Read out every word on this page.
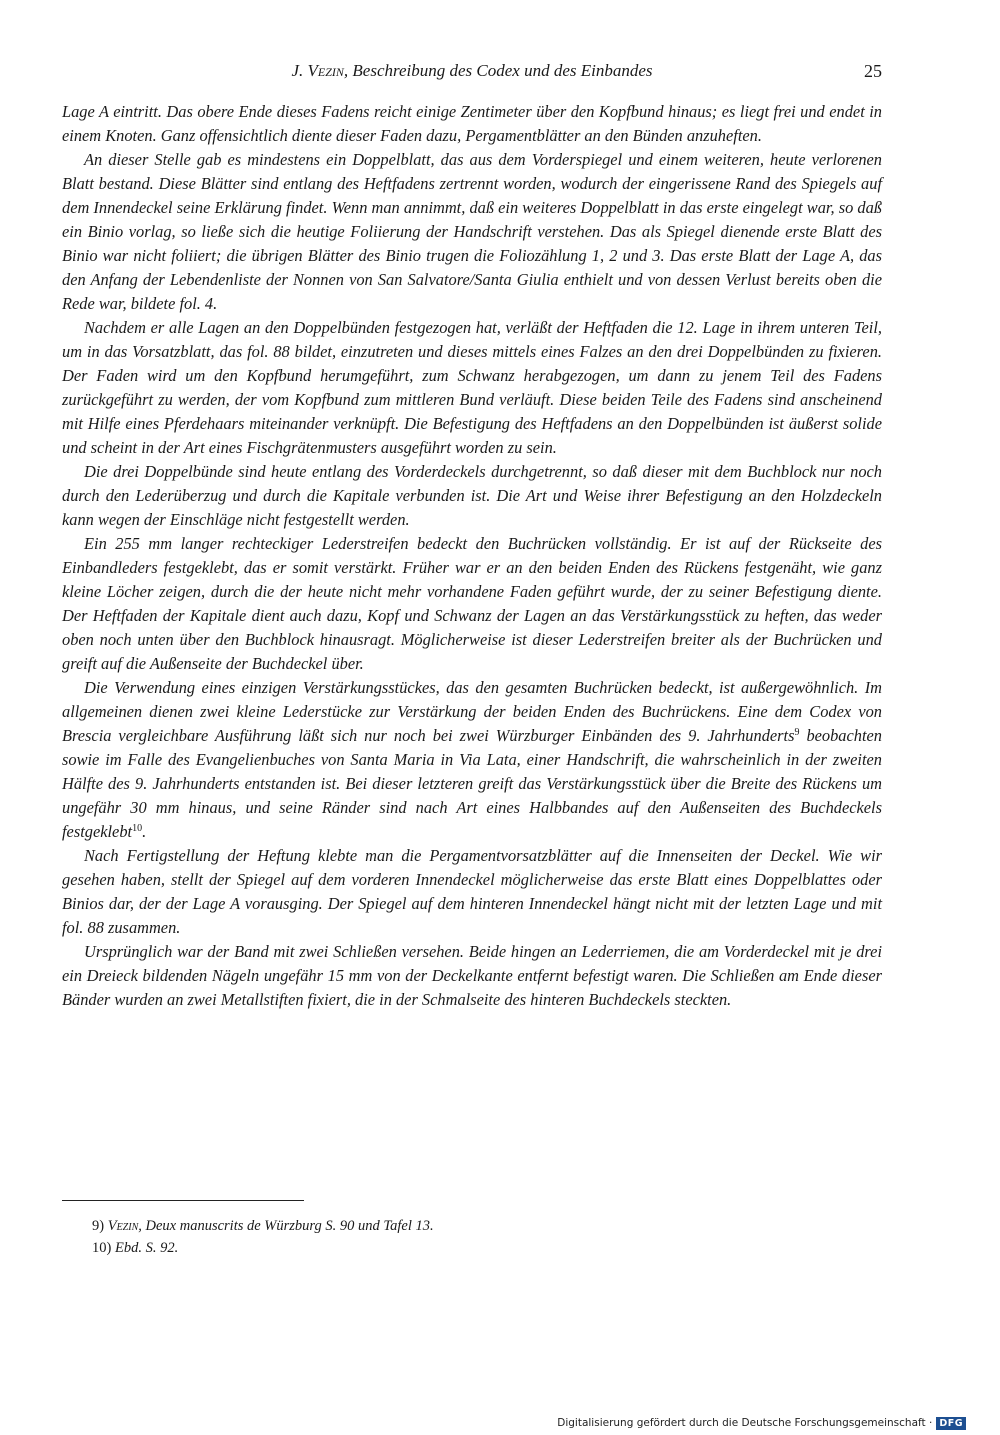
J. Vezin, Beschreibung des Codex und des Einbandes	25

Lage A eintritt. Das obere Ende dieses Fadens reicht einige Zentimeter über den Kopfbund hinaus; es liegt frei und endet in einem Knoten. Ganz offensichtlich diente dieser Faden dazu, Pergamentblätter an den Bünden anzuheften.

An dieser Stelle gab es mindestens ein Doppelblatt, das aus dem Vorderspiegel und einem weiteren, heute verlorenen Blatt bestand. Diese Blätter sind entlang des Heftfadens zertrennt worden, wodurch der eingerissene Rand des Spiegels auf dem Innendeckel seine Erklärung findet. Wenn man annimmt, daß ein weiteres Doppelblatt in das erste eingelegt war, so daß ein Binio vorlag, so ließe sich die heutige Foliierung der Handschrift verstehen. Das als Spiegel dienende erste Blatt des Binio war nicht foliiert; die übrigen Blätter des Binio trugen die Foliozählung 1, 2 und 3. Das erste Blatt der Lage A, das den Anfang der Lebendenliste der Nonnen von San Salvatore/Santa Giulia enthielt und von dessen Verlust bereits oben die Rede war, bildete fol. 4.

Nachdem er alle Lagen an den Doppelbünden festgezogen hat, verläßt der Heftfaden die 12. Lage in ihrem unteren Teil, um in das Vorsatzblatt, das fol. 88 bildet, einzutreten und dieses mittels eines Falzes an den drei Doppelbünden zu fixieren. Der Faden wird um den Kopfbund herumgeführt, zum Schwanz herabgezogen, um dann zu jenem Teil des Fadens zurückgeführt zu werden, der vom Kopfbund zum mittleren Bund verläuft. Diese beiden Teile des Fadens sind anscheinend mit Hilfe eines Pferdehaars miteinander verknüpft. Die Befestigung des Heftfadens an den Doppelbünden ist äußerst solide und scheint in der Art eines Fischgrätenmusters ausgeführt worden zu sein.

Die drei Doppelbünde sind heute entlang des Vorderdeckels durchgetrennt, so daß dieser mit dem Buchblock nur noch durch den Lederüberzug und durch die Kapitale verbunden ist. Die Art und Weise ihrer Befestigung an den Holzdeckeln kann wegen der Einschläge nicht festgestellt werden.

Ein 255 mm langer rechteckiger Lederstreifen bedeckt den Buchrücken vollständig. Er ist auf der Rückseite des Einbandleders festgeklebt, das er somit verstärkt. Früher war er an den beiden Enden des Rückens festgenäht, wie ganz kleine Löcher zeigen, durch die der heute nicht mehr vorhandene Faden geführt wurde, der zu seiner Befestigung diente. Der Heftfaden der Kapitale dient auch dazu, Kopf und Schwanz der Lagen an das Verstärkungsstück zu heften, das weder oben noch unten über den Buchblock hinausragt. Möglicherweise ist dieser Lederstreifen breiter als der Buchrücken und greift auf die Außenseite der Buchdeckel über.

Die Verwendung eines einzigen Verstärkungsstückes, das den gesamten Buchrücken bedeckt, ist außergewöhnlich. Im allgemeinen dienen zwei kleine Lederstücke zur Verstärkung der beiden Enden des Buchrückens. Eine dem Codex von Brescia vergleichbare Ausführung läßt sich nur noch bei zwei Würzburger Einbänden des 9. Jahrhunderts$^9$ beobachten sowie im Falle des Evangelienbuches von Santa Maria in Via Lata, einer Handschrift, die wahrscheinlich in der zweiten Hälfte des 9. Jahrhunderts entstanden ist. Bei dieser letzteren greift das Verstärkungsstück über die Breite des Rückens um ungefähr 30 mm hinaus, und seine Ränder sind nach Art eines Halbbandes auf den Außenseiten des Buchdeckels festgeklebt$^{10}$.

Nach Fertigstellung der Heftung klebte man die Pergamentvorsatzblätter auf die Innenseiten der Deckel. Wie wir gesehen haben, stellt der Spiegel auf dem vorderen Innendeckel möglicherweise das erste Blatt eines Doppelblattes oder Binios dar, der der Lage A vorausging. Der Spiegel auf dem hinteren Innendeckel hängt nicht mit der letzten Lage und mit fol. 88 zusammen.

Ursprünglich war der Band mit zwei Schließen versehen. Beide hingen an Lederriemen, die am Vorderdeckel mit je drei ein Dreieck bildenden Nägeln ungefähr 15 mm von der Deckelkante entfernt befestigt waren. Die Schließen am Ende dieser Bänder wurden an zwei Metallstiften fixiert, die in der Schmalseite des hinteren Buchdeckels steckten.

9) Vezin, Deux manuscrits de Würzburg S. 90 und Tafel 13.

10) Ebd. S. 92.

Digitalisierung gefördert durch die Deutsche Forschungsgemeinschaft · DFG
